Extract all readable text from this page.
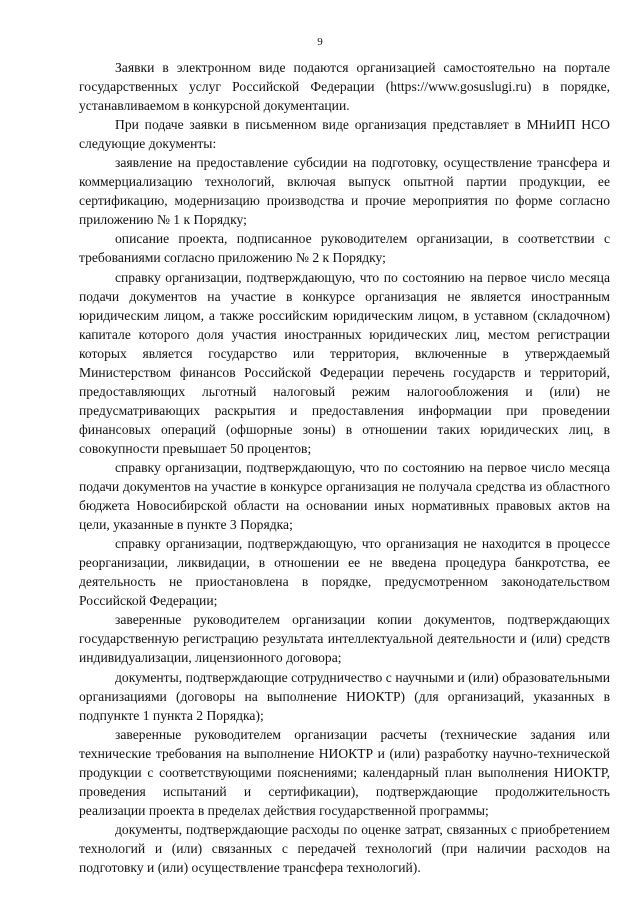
9

Заявки в электронном виде подаются организацией самостоятельно на портале государственных услуг Российской Федерации (https://www.gosuslugi.ru) в порядке, устанавливаемом в конкурсной документации.

При подаче заявки в письменном виде организация представляет в МНиИП НСО следующие документы:

заявление на предоставление субсидии на подготовку, осуществление трансфера и коммерциализацию технологий, включая выпуск опытной партии продукции, ее сертификацию, модернизацию производства и прочие мероприятия по форме согласно приложению № 1 к Порядку;

описание проекта, подписанное руководителем организации, в соответствии с требованиями согласно приложению № 2 к Порядку;

справку организации, подтверждающую, что по состоянию на первое число месяца подачи документов на участие в конкурсе организация не является иностранным юридическим лицом, а также российским юридическим лицом, в уставном (складочном) капитале которого доля участия иностранных юридических лиц, местом регистрации которых является государство или территория, включенные в утверждаемый Министерством финансов Российской Федерации перечень государств и территорий, предоставляющих льготный налоговый режим налогообложения и (или) не предусматривающих раскрытия и предоставления информации при проведении финансовых операций (офшорные зоны) в отношении таких юридических лиц, в совокупности превышает 50 процентов;

справку организации, подтверждающую, что по состоянию на первое число месяца подачи документов на участие в конкурсе организация не получала средства из областного бюджета Новосибирской области на основании иных нормативных правовых актов на цели, указанные в пункте 3 Порядка;

справку организации, подтверждающую, что организация не находится в процессе реорганизации, ликвидации, в отношении ее не введена процедура банкротства, ее деятельность не приостановлена в порядке, предусмотренном законодательством Российской Федерации;

заверенные руководителем организации копии документов, подтверждающих государственную регистрацию результата интеллектуальной деятельности и (или) средств индивидуализации, лицензионного договора;

документы, подтверждающие сотрудничество с научными и (или) образовательными организациями (договоры на выполнение НИОКТР) (для организаций, указанных в подпункте 1 пункта 2 Порядка);

заверенные руководителем организации расчеты (технические задания или технические требования на выполнение НИОКТР и (или) разработку научно-технической продукции с соответствующими пояснениями; календарный план выполнения НИОКТР, проведения испытаний и сертификации), подтверждающие продолжительность реализации проекта в пределах действия государственной программы;

документы, подтверждающие расходы по оценке затрат, связанных с приобретением технологий и (или) связанных с передачей технологий (при наличии расходов на подготовку и (или) осуществление трансфера технологий).
